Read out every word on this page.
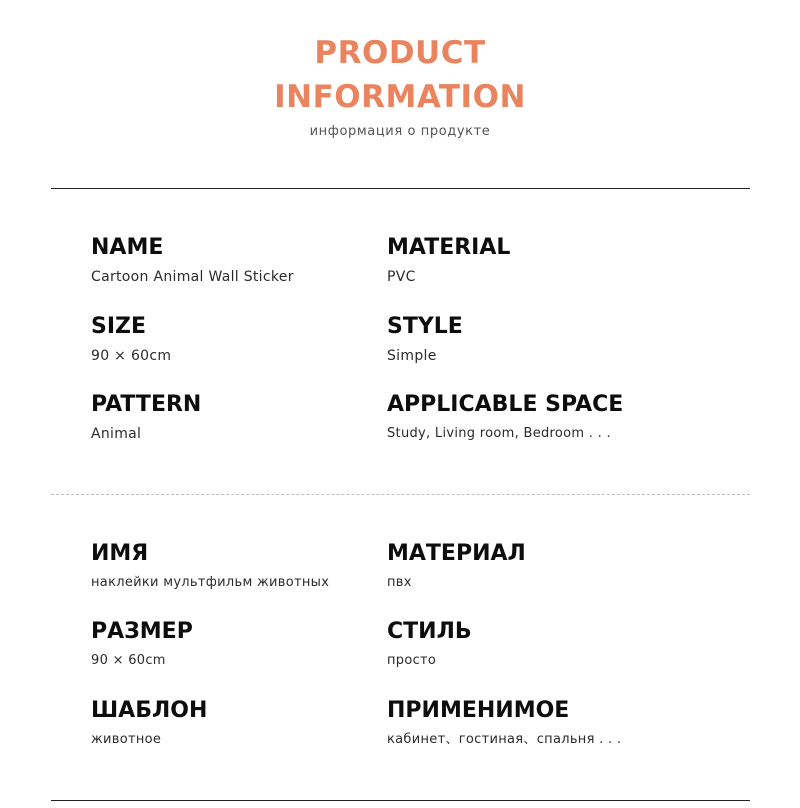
PRODUCT
INFORMATION
информация о продукте
NAME
Cartoon Animal Wall Sticker
MATERIAL
PVC
SIZE
90 × 60cm
STYLE
Simple
PATTERN
Animal
APPLICABLE SPACE
Study, Living room, Bedroom . . .
ИМЯ
наклейки мультфильм животных
МАТЕРИАЛ
пвх
РАЗМЕР
90 × 60cm
СТИЛЬ
просто
ШАБЛОН
животное
ПРИМЕНИМОЕ
кабинет、гостиная、спальня . . .
